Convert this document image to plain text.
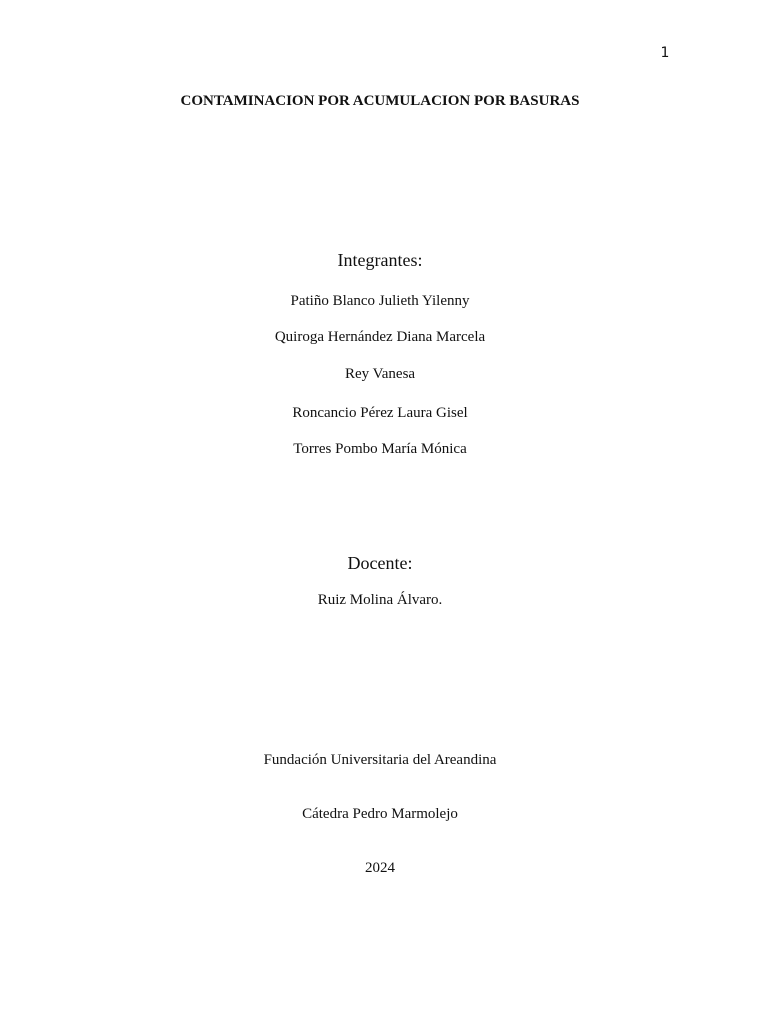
1
CONTAMINACION POR ACUMULACION POR BASURAS
Integrantes:
Patiño Blanco Julieth Yilenny
Quiroga Hernández Diana Marcela
Rey Vanesa
Roncancio Pérez Laura Gisel
Torres Pombo María Mónica
Docente:
Ruiz Molina Álvaro.
Fundación Universitaria del Areandina
Cátedra Pedro Marmolejo
2024
